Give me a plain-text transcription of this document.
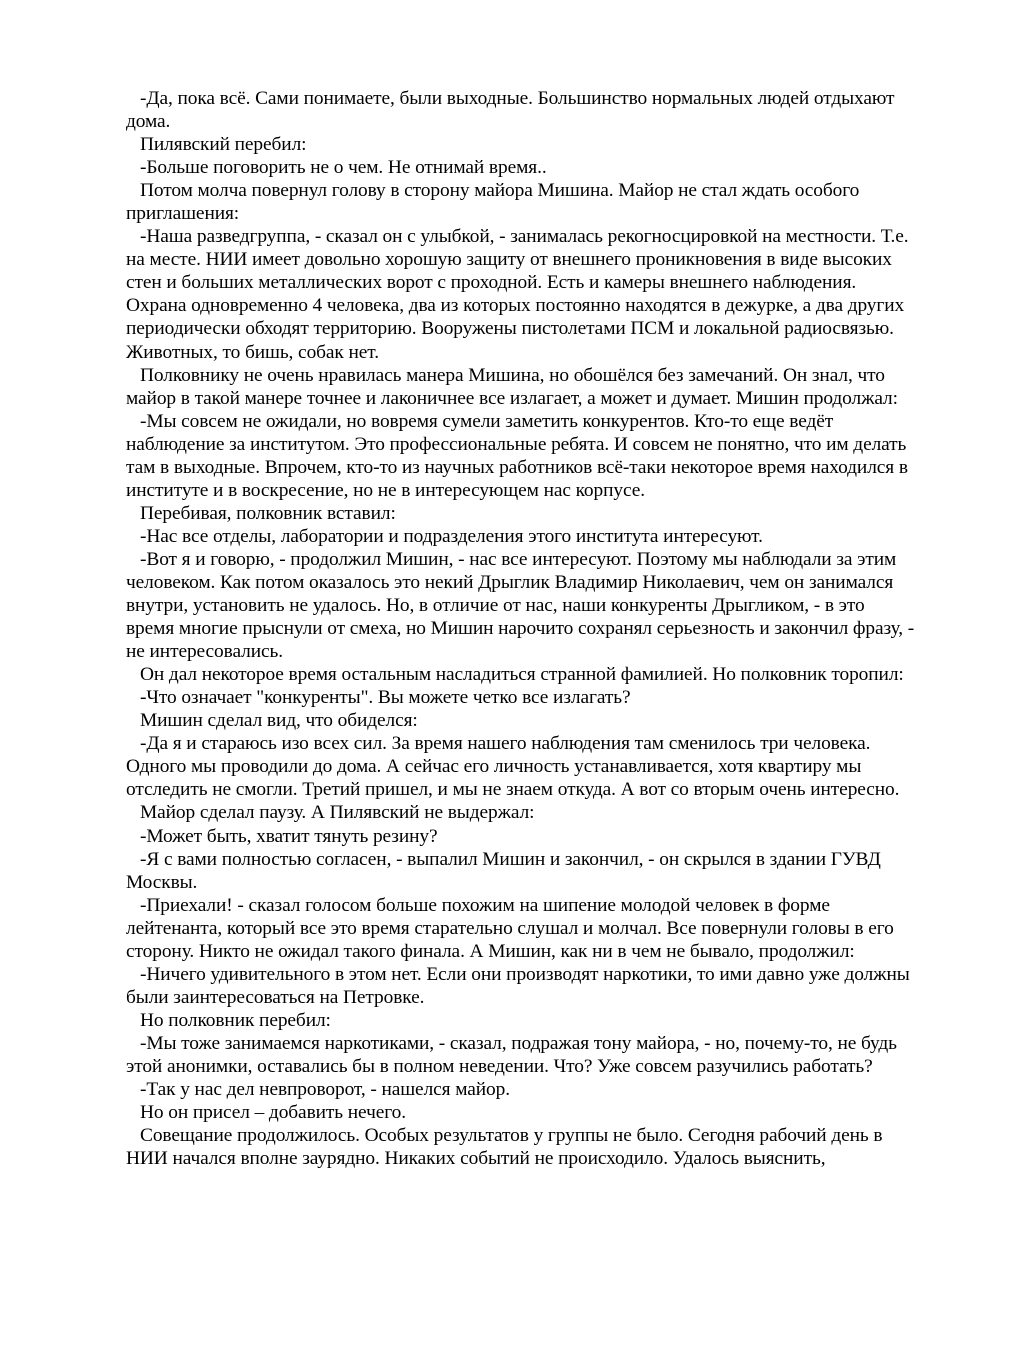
-Да, пока всё. Сами понимаете, были выходные. Большинство нормальных людей отдыхают дома.

Пилявский перебил:

-Больше поговорить не о чем. Не отнимай время..

Потом молча повернул голову в сторону майора Мишина. Майор не стал ждать особого приглашения:

-Наша разведгруппа, - сказал он с улыбкой, - занималась рекогносцировкой на местности. Т.е. на месте. НИИ имеет довольно хорошую защиту от внешнего проникновения в виде высоких стен и больших металлических ворот с проходной. Есть и камеры внешнего наблюдения. Охрана одновременно 4 человека, два из которых постоянно находятся в дежурке, а два других периодически обходят территорию. Вооружены пистолетами ПСМ и локальной радиосвязью. Животных, то бишь, собак нет.

Полковнику не очень нравилась манера Мишина, но обошёлся без замечаний. Он знал, что майор в такой манере точнее и лаконичнее все излагает, а может и думает. Мишин продолжал:

-Мы совсем не ожидали, но вовремя сумели заметить конкурентов. Кто-то еще ведёт наблюдение за институтом. Это профессиональные ребята. И совсем не понятно, что им делать там в выходные. Впрочем, кто-то из научных работников всё-таки некоторое время находился в институте и в воскресение, но не в интересующем нас корпусе.

Перебивая, полковник вставил:

-Нас все отделы, лаборатории и подразделения этого института интересуют.

-Вот я и говорю, - продолжил Мишин, - нас все интересуют. Поэтому мы наблюдали за этим человеком. Как потом оказалось это некий Дрыглик Владимир Николаевич, чем он занимался внутри, установить не удалось. Но, в отличие от нас, наши конкуренты Дрыгликом, - в это время многие прыснули от смеха, но Мишин нарочито сохранял серьезность и закончил фразу, - не интересовались.

Он дал некоторое время остальным насладиться странной фамилией. Но полковник торопил:

-Что означает "конкуренты". Вы можете четко все излагать?

Мишин сделал вид, что обиделся:

-Да я и стараюсь изо всех сил. За время нашего наблюдения там сменилось три человека. Одного мы проводили до дома. А сейчас его личность устанавливается, хотя квартиру мы отследить не смогли. Третий пришел, и мы не знаем откуда. А вот со вторым очень интересно.

Майор сделал паузу. А Пилявский не выдержал:

-Может быть, хватит тянуть резину?

-Я с вами полностью согласен, - выпалил Мишин и закончил, - он скрылся в здании ГУВД Москвы.

-Приехали! - сказал голосом больше похожим на шипение молодой человек в форме лейтенанта, который все это время старательно слушал и молчал. Все повернули головы в его сторону. Никто не ожидал такого финала. А Мишин, как ни в чем не бывало, продолжил:

-Ничего удивительного в этом нет. Если они производят наркотики, то ими давно уже должны были заинтересоваться на Петровке.

Но полковник перебил:

-Мы тоже занимаемся наркотиками, - сказал, подражая тону майора, - но, почему-то, не будь этой анонимки, оставались бы в полном неведении. Что? Уже совсем разучились работать?

-Так у нас дел невпроворот, - нашелся майор.

Но он присел – добавить нечего.

Совещание продолжилось. Особых результатов у группы не было. Сегодня рабочий день в НИИ начался вполне заурядно. Никаких событий не происходило. Удалось выяснить,
